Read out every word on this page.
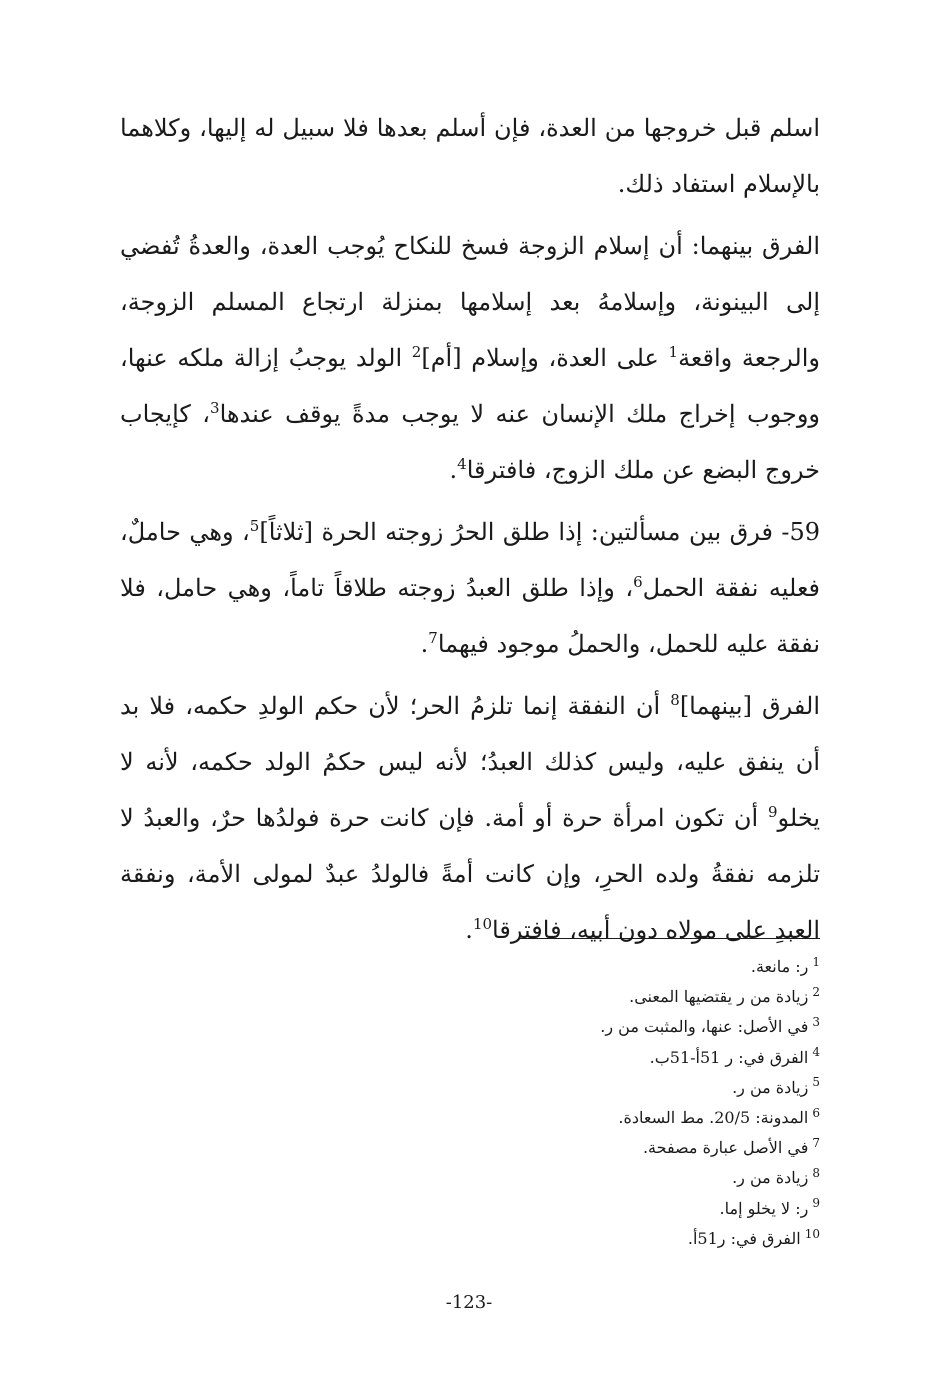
اسلم قبل خروجها من العدة، فإن أسلم بعدها فلا سبيل له إليها، وكلاهما بالإسلام استفاد ذلك.

الفرق بينهما: أن إسلام الزوجة فسخ للنكاح يُوجب العدة، والعدةُ تُفضي إلى البينونة، وإسلامهُ بعد إسلامها بمنزلة ارتجاع المسلم الزوجة، والرجعة واقعة$^1$ على العدة، وإسلام [أم]$^2$ الولد يوجبُ إزالة ملكه عنها، ووجوب إخراج ملك الإنسان عنه لا يوجب مدةً يوقف عندها$^3$، كإيجاب خروج البضع عن ملك الزوج، فافترقا$^4$.

59- فرق بين مسألتين: إذا طلق الحرُ زوجته الحرة [ثلاثاً]$^5$، وهي حاملٌ، فعليه نفقة الحمل$^6$، وإذا طلق العبدُ زوجته طلاقاً تاماً، وهي حامل، فلا نفقة عليه للحمل، والحملُ موجود فيهما$^7$.

الفرق [بينهما]$^8$ أن النفقة إنما تلزمُ الحر؛ لأن حكم الولدِ حكمه، فلا بد أن ينفق عليه، وليس كذلك العبدُ؛ لأنه ليس حكمُ الولد حكمه، لأنه لا يخلو$^9$ أن تكون امرأة حرة أو أمة. فإن كانت حرة فولدُها حرٌ، والعبدُ لا تلزمه نفقةُ ولده الحرِ، وإن كانت أمةً فالولدُ عبدٌ لمولى الأمة، ونفقة العبدِ على مولاه دون أبيه، فافترقا$^{10}$.

$^1$ر: مانعة.
$^2$زيادة من ر يقتضيها المعنى.
$^3$في الأصل: عنها، والمثبت من ر.
$^4$الفرق في: ر 51أ-51ب.
$^5$زيادة من ر.
$^6$المدونة: 20/5. مط السعادة.
$^7$في الأصل عبارة مصفحة.
$^8$زيادة من ر.
$^9$ر: لا يخلو إما.
$^{10}$الفرق في: ر51أ.
-123-
